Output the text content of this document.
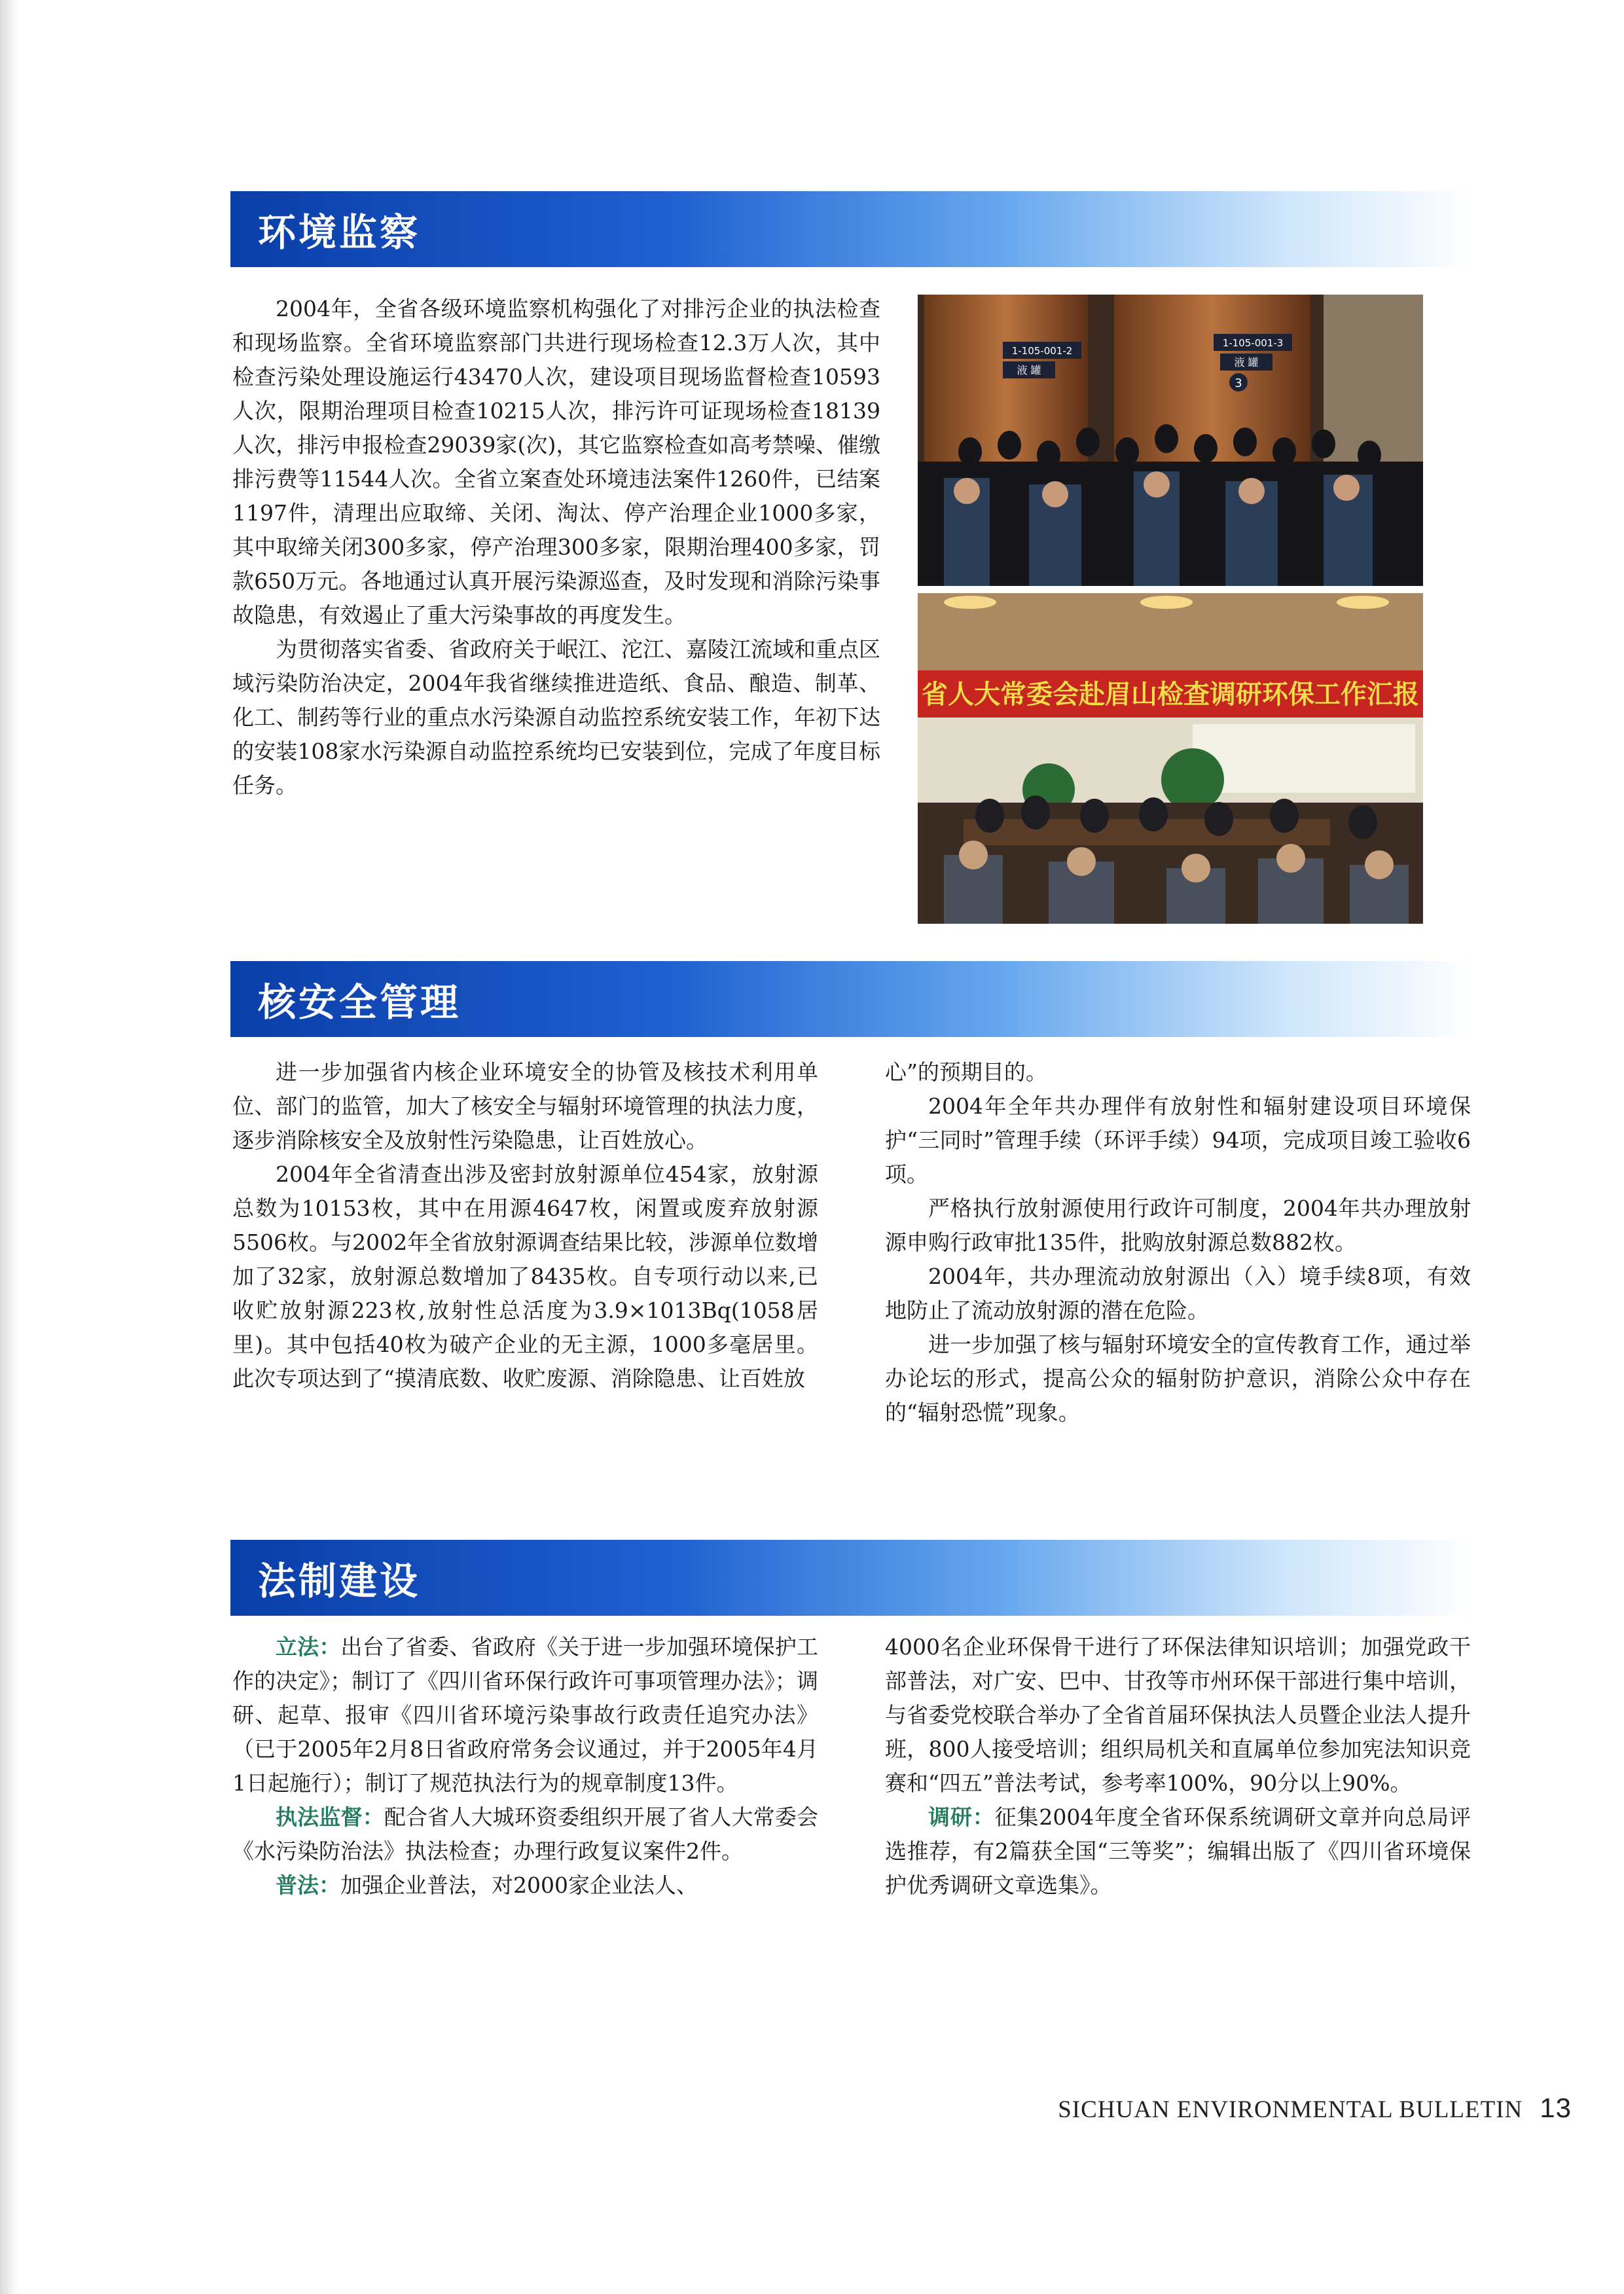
环境监察

2004年，全省各级环境监察机构强化了对排污企业的执法检查和现场监察。全省环境监察部门共进行现场检查12.3万人次，其中检查污染处理设施运行43470人次，建设项目现场监督检查10593人次，限期治理项目检查10215人次，排污许可证现场检查18139人次，排污申报检查29039家(次)，其它监察检查如高考禁噪、催缴排污费等11544人次。全省立案查处环境违法案件1260件，已结案1197件，清理出应取缔、关闭、淘汰、停产治理企业1000多家，其中取缔关闭300多家，停产治理300多家，限期治理400多家，罚款650万元。各地通过认真开展污染源巡查，及时发现和消除污染事故隐患，有效遏止了重大污染事故的再度发生。

为贯彻落实省委、省政府关于岷江、沱江、嘉陵江流域和重点区域污染防治决定，2004年我省继续推进造纸、食品、酿造、制革、化工、制药等行业的重点水污染源自动监控系统安装工作，年初下达的安装108家水污染源自动监控系统均已安装到位，完成了年度目标任务。

1-105-001-2
液 罐
1-105-001-3
液 罐
3
省人大常委会赴眉山检查调研环保工作汇报
核安全管理

进一步加强省内核企业环境安全的协管及核技术利用单位、部门的监管，加大了核安全与辐射环境管理的执法力度，逐步消除核安全及放射性污染隐患，让百姓放心。

2004年全省清查出涉及密封放射源单位454家，放射源总数为10153枚，其中在用源4647枚，闲置或废弃放射源5506枚。与2002年全省放射源调查结果比较，涉源单位数增加了32家，放射源总数增加了8435枚。自专项行动以来,已收贮放射源223枚,放射性总活度为3.9×1013Bq(1058居里)。其中包括40枚为破产企业的无主源，1000多毫居里。此次专项达到了“摸清底数、收贮废源、消除隐患、让百姓放

心”的预期目的。

2004年全年共办理伴有放射性和辐射建设项目环境保护“三同时”管理手续（环评手续）94项，完成项目竣工验收6项。

严格执行放射源使用行政许可制度，2004年共办理放射源申购行政审批135件，批购放射源总数882枚。

2004年，共办理流动放射源出（入）境手续8项，有效地防止了流动放射源的潜在危险。

进一步加强了核与辐射环境安全的宣传教育工作，通过举办论坛的形式，提高公众的辐射防护意识，消除公众中存在的“辐射恐慌”现象。

法制建设

立法：出台了省委、省政府《关于进一步加强环境保护工作的决定》；制订了《四川省环保行政许可事项管理办法》；调研、起草、报审《四川省环境污染事故行政责任追究办法》（已于2005年2月8日省政府常务会议通过，并于2005年4月1日起施行）；制订了规范执法行为的规章制度13件。

执法监督：配合省人大城环资委组织开展了省人大常委会《水污染防治法》执法检查；办理行政复议案件2件。

普法：加强企业普法，对2000家企业法人、

4000名企业环保骨干进行了环保法律知识培训；加强党政干部普法，对广安、巴中、甘孜等市州环保干部进行集中培训，与省委党校联合举办了全省首届环保执法人员暨企业法人提升班，800人接受培训；组织局机关和直属单位参加宪法知识竞赛和“四五”普法考试，参考率100%，90分以上90%。

调研：征集2004年度全省环保系统调研文章并向总局评选推荐，有2篇获全国“三等奖”；编辑出版了《四川省环境保护优秀调研文章选集》。

SICHUAN ENVIRONMENTAL BULLETIN 13
